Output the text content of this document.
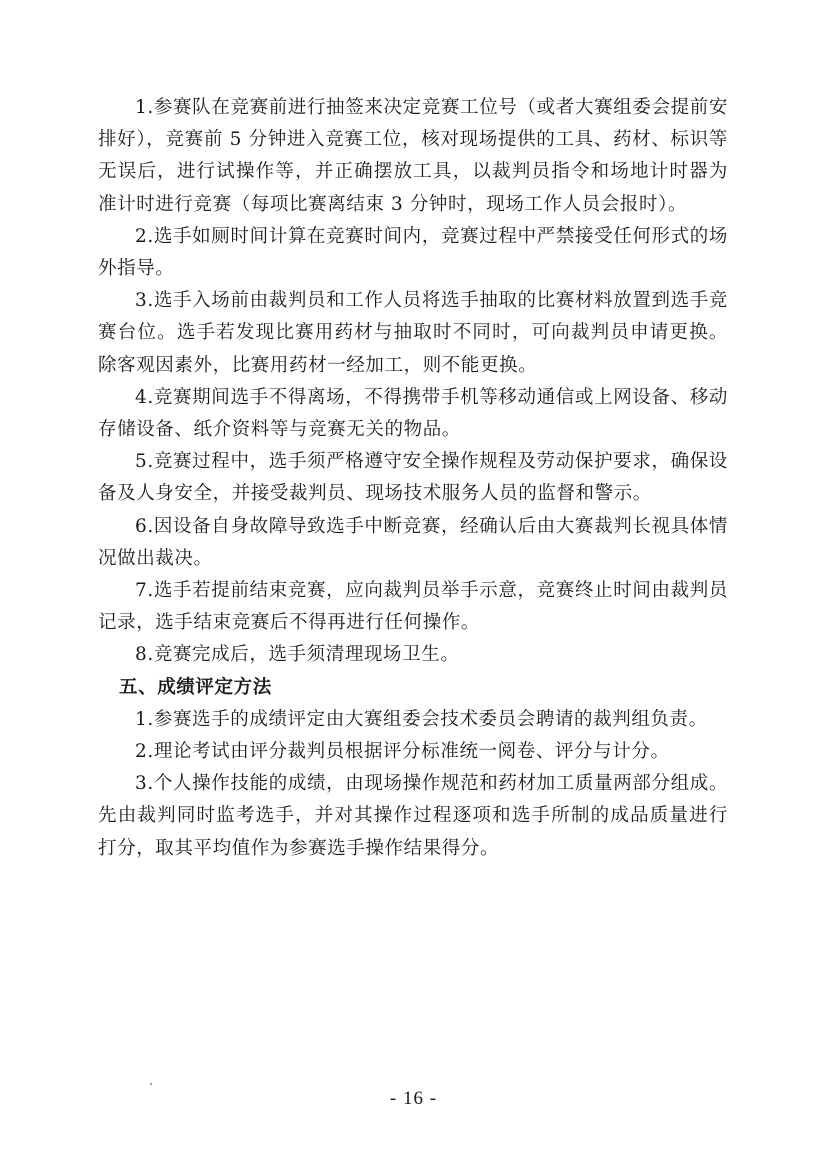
1.参赛队在竞赛前进行抽签来决定竞赛工位号（或者大赛组委会提前安排好），竞赛前 5 分钟进入竞赛工位，核对现场提供的工具、药材、标识等无误后，进行试操作等，并正确摆放工具，以裁判员指令和场地计时器为准计时进行竞赛（每项比赛离结束 3 分钟时，现场工作人员会报时）。

2.选手如厕时间计算在竞赛时间内，竞赛过程中严禁接受任何形式的场外指导。

3.选手入场前由裁判员和工作人员将选手抽取的比赛材料放置到选手竞赛台位。选手若发现比赛用药材与抽取时不同时，可向裁判员申请更换。除客观因素外，比赛用药材一经加工，则不能更换。

4.竞赛期间选手不得离场，不得携带手机等移动通信或上网设备、移动存储设备、纸介资料等与竞赛无关的物品。

5.竞赛过程中，选手须严格遵守安全操作规程及劳动保护要求，确保设备及人身安全，并接受裁判员、现场技术服务人员的监督和警示。

6.因设备自身故障导致选手中断竞赛，经确认后由大赛裁判长视具体情况做出裁决。

7.选手若提前结束竞赛，应向裁判员举手示意，竞赛终止时间由裁判员记录，选手结束竞赛后不得再进行任何操作。

8.竞赛完成后，选手须清理现场卫生。

五、成绩评定方法

1.参赛选手的成绩评定由大赛组委会技术委员会聘请的裁判组负责。

2.理论考试由评分裁判员根据评分标准统一阅卷、评分与计分。

3.个人操作技能的成绩，由现场操作规范和药材加工质量两部分组成。先由裁判同时监考选手，并对其操作过程逐项和选手所制的成品质量进行打分，取其平均值作为参赛选手操作结果得分。

- 16 -
